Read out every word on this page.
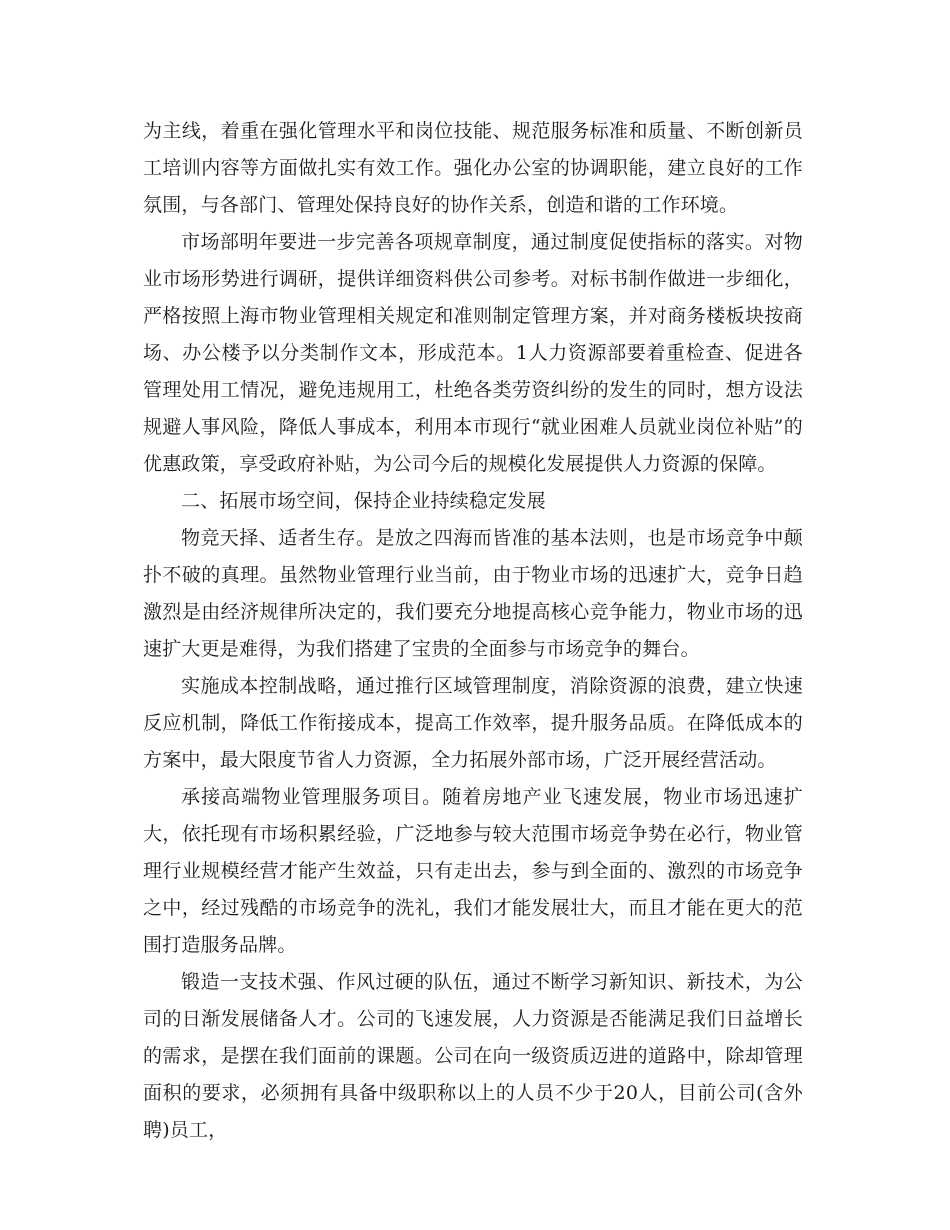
为主线，着重在强化管理水平和岗位技能、规范服务标准和质量、不断创新员工培训内容等方面做扎实有效工作。强化办公室的协调职能，建立良好的工作氛围，与各部门、管理处保持良好的协作关系，创造和谐的工作环境。

市场部明年要进一步完善各项规章制度，通过制度促使指标的落实。对物业市场形势进行调研，提供详细资料供公司参考。对标书制作做进一步细化，严格按照上海市物业管理相关规定和准则制定管理方案，并对商务楼板块按商场、办公楼予以分类制作文本，形成范本。1人力资源部要着重检查、促进各管理处用工情况，避免违规用工，杜绝各类劳资纠纷的发生的同时，想方设法规避人事风险，降低人事成本，利用本市现行“就业困难人员就业岗位补贴”的优惠政策，享受政府补贴，为公司今后的规模化发展提供人力资源的保障。

二、拓展市场空间，保持企业持续稳定发展

物竞天择、适者生存。是放之四海而皆准的基本法则，也是市场竞争中颠扑不破的真理。虽然物业管理行业当前，由于物业市场的迅速扩大，竞争日趋激烈是由经济规律所决定的，我们要充分地提高核心竞争能力，物业市场的迅速扩大更是难得，为我们搭建了宝贵的全面参与市场竞争的舞台。

实施成本控制战略，通过推行区域管理制度，消除资源的浪费，建立快速反应机制，降低工作衔接成本，提高工作效率，提升服务品质。在降低成本的方案中，最大限度节省人力资源，全力拓展外部市场，广泛开展经营活动。

承接高端物业管理服务项目。随着房地产业飞速发展，物业市场迅速扩大，依托现有市场积累经验，广泛地参与较大范围市场竞争势在必行，物业管理行业规模经营才能产生效益，只有走出去，参与到全面的、激烈的市场竞争之中，经过残酷的市场竞争的洗礼，我们才能发展壮大，而且才能在更大的范围打造服务品牌。

锻造一支技术强、作风过硬的队伍，通过不断学习新知识、新技术，为公司的日渐发展储备人才。公司的飞速发展，人力资源是否能满足我们日益增长的需求，是摆在我们面前的课题。公司在向一级资质迈进的道路中，除却管理面积的要求，必须拥有具备中级职称以上的人员不少于20人，目前公司(含外聘)员工，
